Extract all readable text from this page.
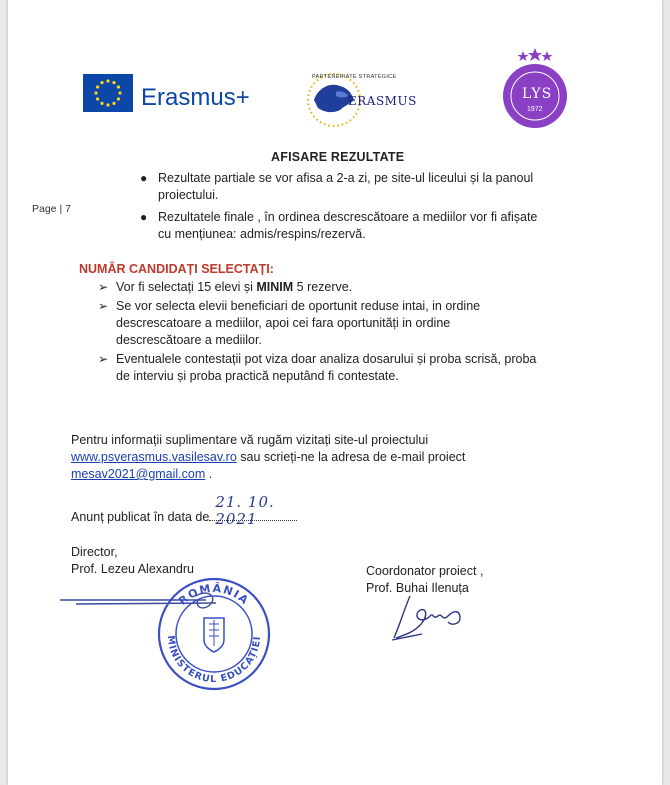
Erasmus+
PARTENERIATE STRATEGICE
ERASMUS	LYS
1972
AFISARE REZULTATE
Page | 7
● Rezultate partiale se vor afisa a 2-a zi, pe site-ul liceului și la panoul
proiectului.
● Rezultatele finale , în ordinea descrescătoare a mediilor vor fi afișate
cu mențiunea: admis/respins/rezervă.
NUMĂR CANDIDAȚI SELECTAȚI:
➢ Vor fi selectați 15 elevi și MINIM 5 rezerve.
➢ Se vor selecta elevii beneficiari de oportunit reduse intai, in ordine
descrescatoare a mediilor, apoi cei fara oportunități in ordine
descrescătoare a mediilor.
➢ Eventualele contestații pot viza doar analiza dosarului și proba scrisă, proba
de interviu și proba practică neputând fi contestate.
Pentru informații suplimentare vă rugăm vizitați site-ul proiectului
www.psverasmus.vasilesav.ro sau scrieți-ne la adresa de e-mail proiect
mesav2021@gmail.com .
Anunț publicat în data de
21. 10. 2021
Director,
Prof. Lezeu Alexandru	Coordonator proiect ,
Prof. Buhai Ilenuța
ROMÂNIA
MINISTERUL EDUCAȚIEI
